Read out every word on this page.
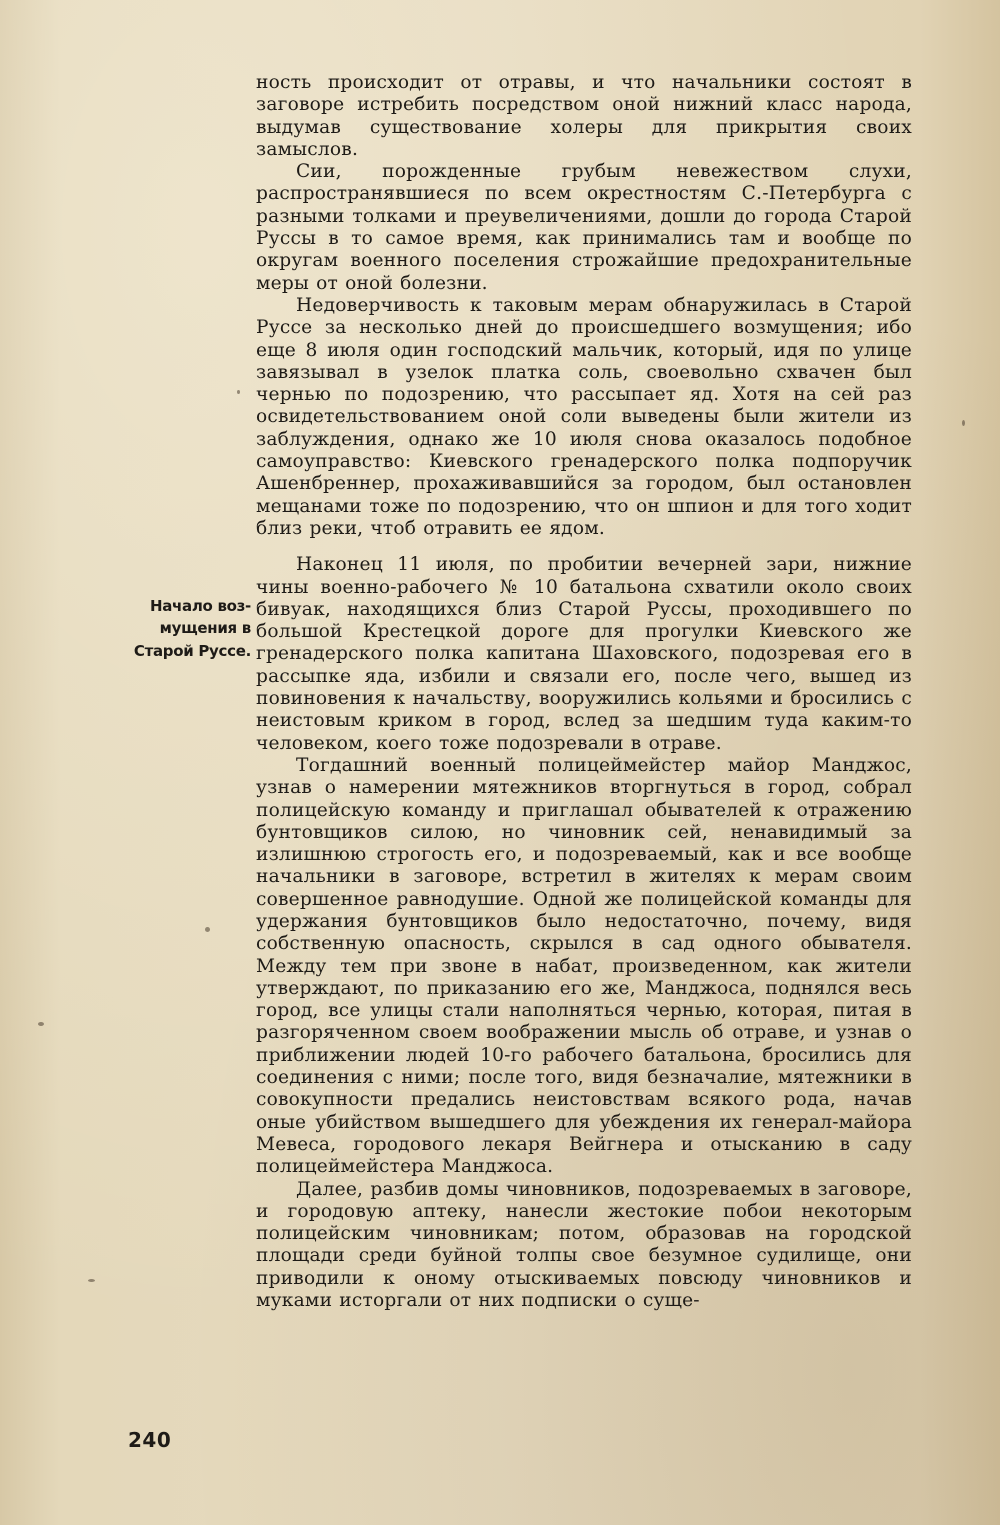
ность происходит от отравы, и что начальники состоят в заговоре истребить посредством оной нижний класс народа, выдумав существование холеры для прикрытия своих замыслов.

Сии, порожденные грубым невежеством слухи, распространявшиеся по всем окрестностям С.-Петербурга с разными толками и преувеличениями, дошли до города Старой Руссы в то самое время, как принимались там и вообще по округам военного поселения строжайшие предохранительные меры от оной болезни.

Недоверчивость к таковым мерам обнаружилась в Старой Руссе за несколько дней до происшедшего возмущения; ибо еще 8 июля один господский мальчик, который, идя по улице завязывал в узелок платка соль, своевольно схвачен был чернью по подозрению, что рассыпает яд. Хотя на сей раз освидетельствованием оной соли выведены были жители из заблуждения, однако же 10 июля снова оказалось подобное самоуправство: Киевского гренадерского полка подпоручик Ашенбреннер, прохаживавшийся за городом, был остановлен мещанами тоже по подозрению, что он шпион и для того ходит близ реки, чтоб отравить ее ядом.

Наконец 11 июля, по пробитии вечерней зари, нижние чины военно-рабочего № 10 батальона схватили около своих бивуак, находящихся близ Старой Руссы, проходившего по большой Крестецкой дороге для прогулки Киевского же гренадерского полка капитана Шаховского, подозревая его в рассыпке яда, избили и связали его, после чего, вышед из повиновения к начальству, вооружились кольями и бросились с неистовым криком в город, вслед за шедшим туда каким-то человеком, коего тоже подозревали в отраве.

Тогдашний военный полицеймейстер майор Манджос, узнав о намерении мятежников вторгнуться в город, собрал полицейскую команду и приглашал обывателей к отражению бунтовщиков силою, но чиновник сей, ненавидимый за излишнюю строгость его, и подозреваемый, как и все вообще начальники в заговоре, встретил в жителях к мерам своим совершенное равнодушие. Одной же полицейской команды для удержания бунтовщиков было недостаточно, почему, видя собственную опасность, скрылся в сад одного обывателя. Между тем при звоне в набат, произведенном, как жители утверждают, по приказанию его же, Манджоса, поднялся весь город, все улицы стали наполняться чернью, которая, питая в разгоряченном своем воображении мысль об отраве, и узнав о приближении людей 10-го рабочего батальона, бросились для соединения с ними; после того, видя безначалие, мятежники в совокупности предались неистовствам всякого рода, начав оные убийством вышедшего для убеждения их генерал-майора Мевеса, городового лекаря Вейгнера и отысканию в саду полицеймейстера Манджоса.

Далее, разбив домы чиновников, подозреваемых в заговоре, и городовую аптеку, нанесли жестокие побои некоторым полицейским чиновникам; потом, образовав на городской площади среди буйной толпы свое безумное судилище, они приводили к оному отыскиваемых повсюду чиновников и муками исторгали от них подписки о суще-

Начало воз-
мущения в
Старой Руссе.
240
